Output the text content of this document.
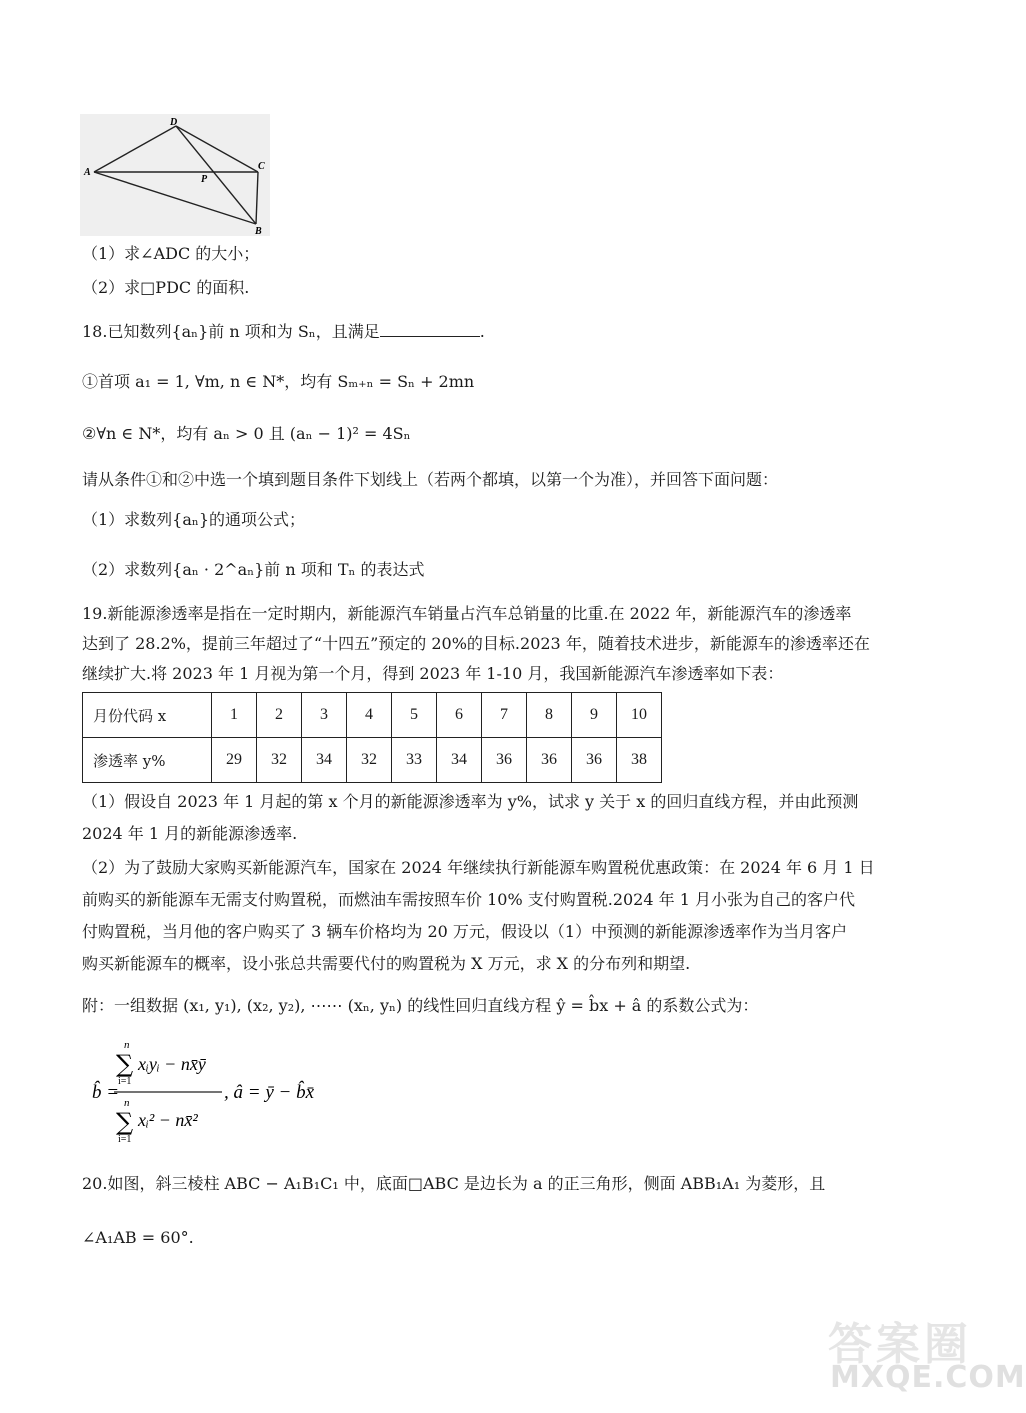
D
A
P
C
B
（1）求∠ADC 的大小；
（2）求□PDC 的面积.
18.已知数列{aₙ}前 n 项和为 Sₙ，且满足	.
①首项 a₁ = 1, ∀m, n ∈ N*，均有 Sₘ₊ₙ = Sₙ + 2mn
②∀n ∈ N*，均有 aₙ > 0 且 (aₙ − 1)² = 4Sₙ
请从条件①和②中选一个填到题目条件下划线上（若两个都填，以第一个为准），并回答下面问题：
（1）求数列{aₙ}的通项公式；
（2）求数列{aₙ · 2^aₙ}前 n 项和 Tₙ 的表达式
19.新能源渗透率是指在一定时期内，新能源汽车销量占汽车总销量的比重.在 2022 年，新能源汽车的渗透率
达到了 28.2%，提前三年超过了“十四五”预定的 20%的目标.2023 年，随着技术进步，新能源车的渗透率还在
继续扩大.将 2023 年 1 月视为第一个月，得到 2023 年 1-10 月，我国新能源汽车渗透率如下表：
月份代码 x	1	2	3	4	5	6	7	8	9	10
渗透率 y%	29	32	34	32	33	34	36	36	36	38
（1）假设自 2023 年 1 月起的第 x 个月的新能源渗透率为 y%，试求 y 关于 x 的回归直线方程，并由此预测
2024 年 1 月的新能源渗透率.
（2）为了鼓励大家购买新能源汽车，国家在 2024 年继续执行新能源车购置税优惠政策：在 2024 年 6 月 1 日
前购买的新能源车无需支付购置税，而燃油车需按照车价 10% 支付购置税.2024 年 1 月小张为自己的客户代
付购置税，当月他的客户购买了 3 辆车价格均为 20 万元，假设以（1）中预测的新能源渗透率作为当月客户
购买新能源车的概率，设小张总共需要代付的购置税为 X 万元，求 X 的分布列和期望.
附：一组数据 (x₁, y₁), (x₂, y₂), ⋯⋯ (xₙ, yₙ) 的线性回归直线方程 ŷ = b̂x + â 的系数公式为：
b̂ =
n
∑
i=1
xᵢyᵢ − nx̄ȳ
n
∑
i=1
xᵢ² − nx̄²
, â = ȳ − b̂x̄
20.如图，斜三棱柱 ABC − A₁B₁C₁ 中，底面□ABC 是边长为 a 的正三角形，侧面 ABB₁A₁ 为菱形，且
∠A₁AB = 60°.
答案圈
MXQE.COM
